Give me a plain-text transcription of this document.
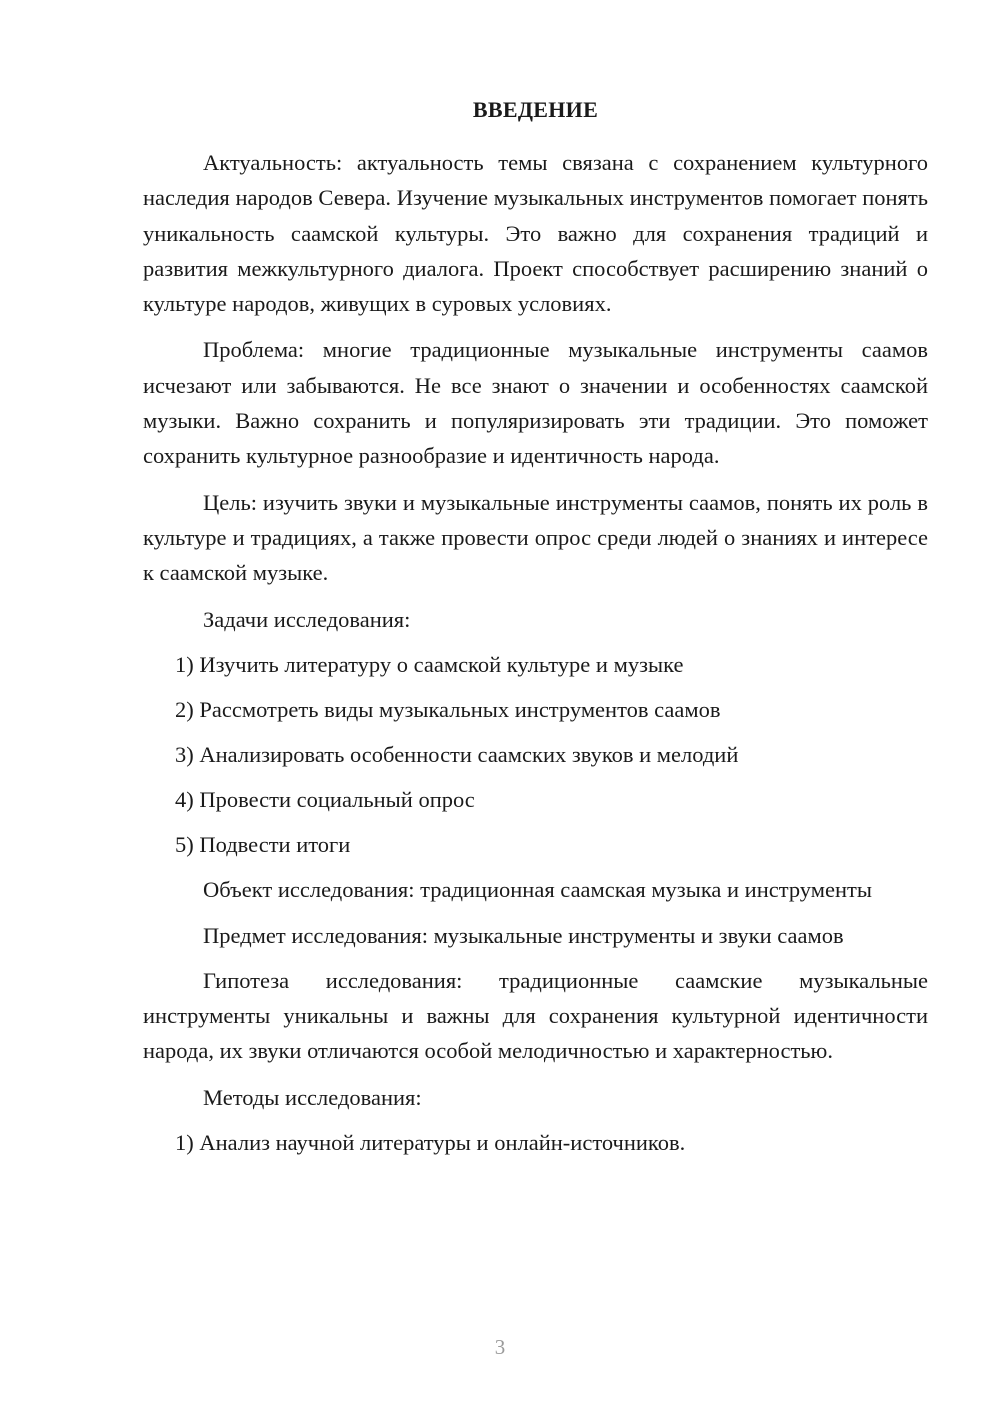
ВВЕДЕНИЕ

Актуальность: актуальность темы связана с сохранением культурного наследия народов Севера. Изучение музыкальных инструментов помогает понять уникальность саамской культуры. Это важно для сохранения традиций и развития межкультурного диалога. Проект способствует расширению знаний о культуре народов, живущих в суровых условиях.

Проблема: многие традиционные музыкальные инструменты саамов исчезают или забываются. Не все знают о значении и особенностях саамской музыки. Важно сохранить и популяризировать эти традиции. Это поможет сохранить культурное разнообразие и идентичность народа.

Цель: изучить звуки и музыкальные инструменты саамов, понять их роль в культуре и традициях, а также провести опрос среди людей о знаниях и интересе к саамской музыке.

Задачи исследования:

1) Изучить литературу о саамской культуре и музыке

2) Рассмотреть виды музыкальных инструментов саамов

3) Анализировать особенности саамских звуков и мелодий

4) Провести социальный опрос

5) Подвести итоги

Объект исследования: традиционная саамская музыка и инструменты

Предмет исследования: музыкальные инструменты и звуки саамов

Гипотеза исследования: традиционные саамские музыкальные инструменты уникальны и важны для сохранения культурной идентичности народа, их звуки отличаются особой мелодичностью и характерностью.

Методы исследования:

1) Анализ научной литературы и онлайн-источников.

3
